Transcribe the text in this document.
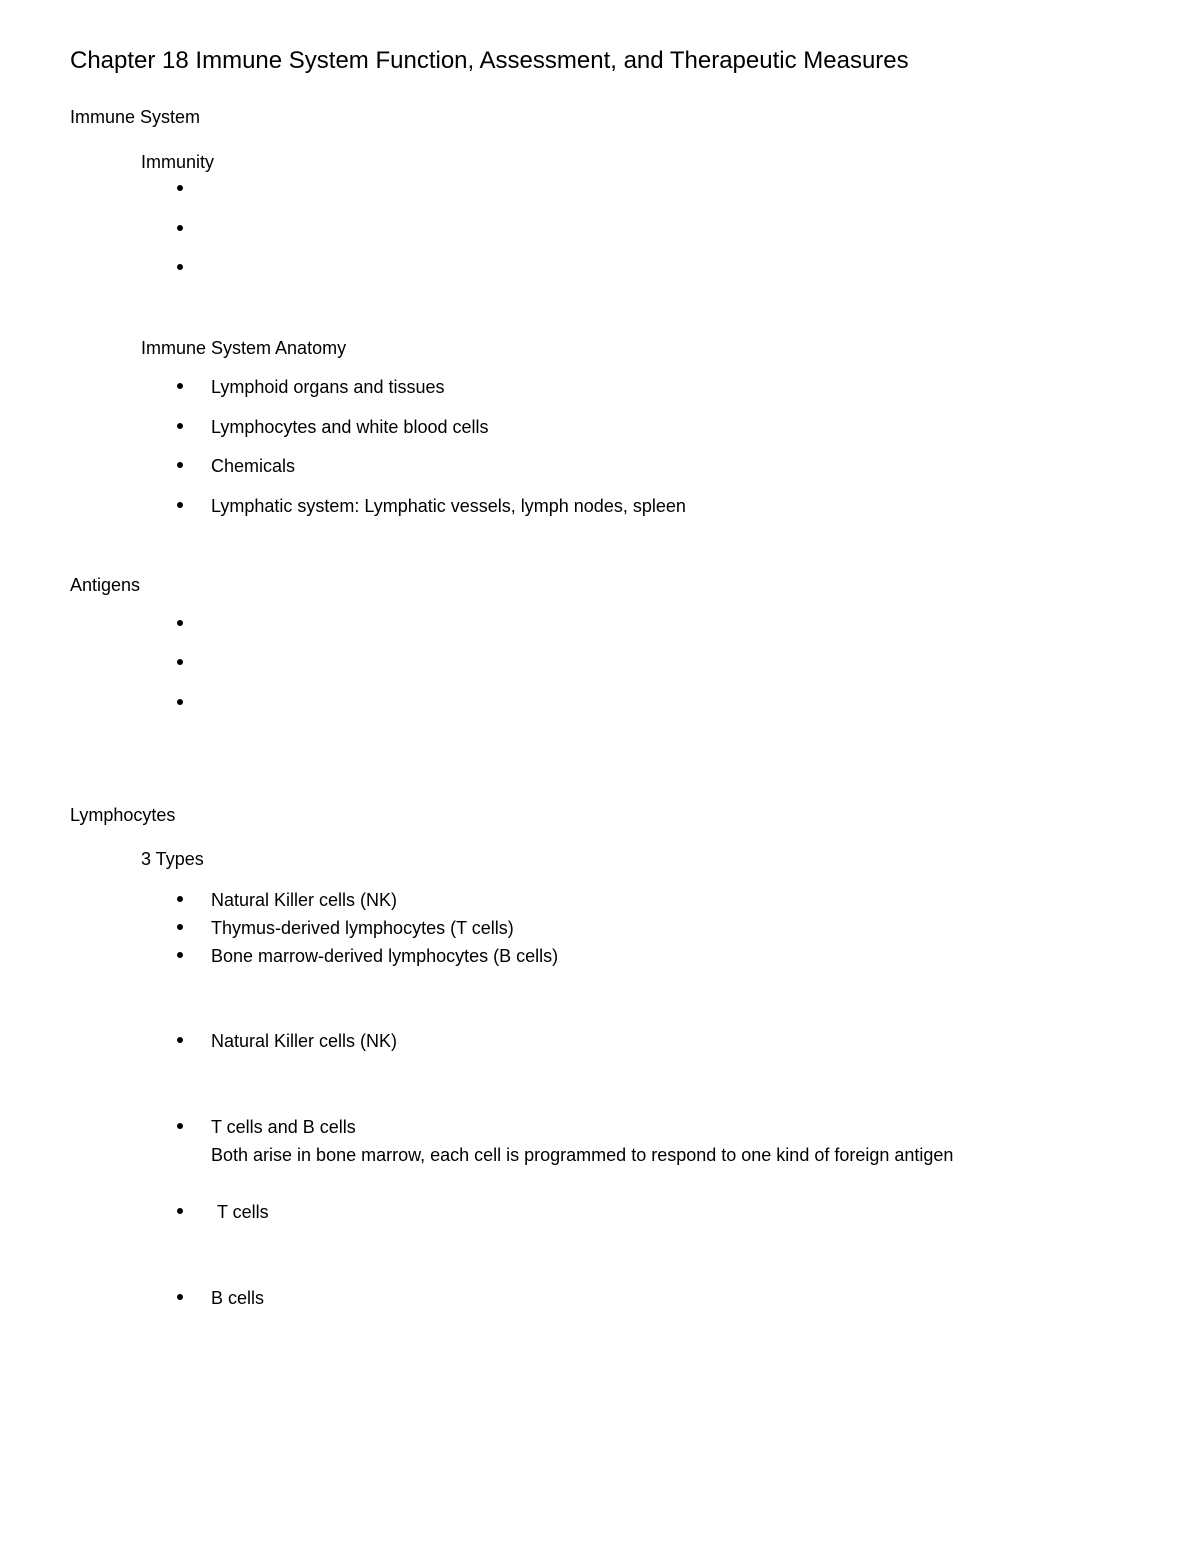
Chapter 18 Immune System Function, Assessment, and Therapeutic Measures
Immune System
Immunity
Immune System Anatomy
Lymphoid organs and tissues
Lymphocytes and white blood cells
Chemicals
Lymphatic system: Lymphatic vessels, lymph nodes, spleen
Antigens
Lymphocytes
3 Types
Natural Killer cells (NK)
Thymus-derived lymphocytes (T cells)
Bone marrow-derived lymphocytes (B cells)
Natural Killer cells (NK)
T cells and B cells
Both arise in bone marrow, each cell is programmed to respond to one kind of foreign antigen
T cells
B cells
